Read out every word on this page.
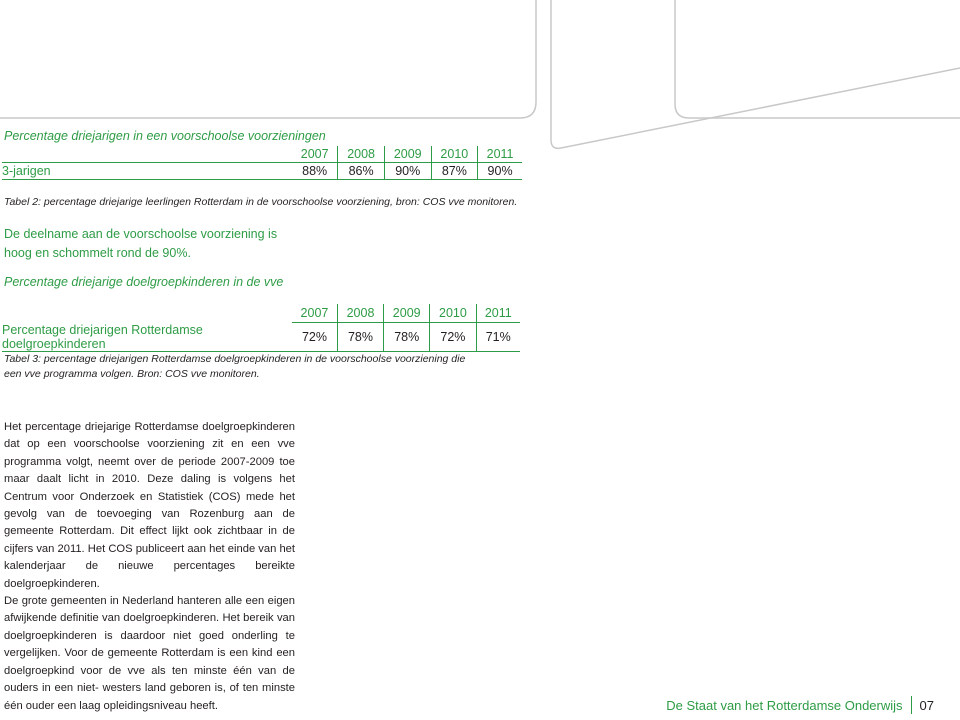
Percentage driejarigen in een voorschoolse voorzieningen
	2007	2008	2009	2010	2011
3-jarigen	88%	86%	90%	87%	90%
Tabel 2: percentage driejarige leerlingen Rotterdam in de voorschoolse voorziening, bron: COS vve monitoren.
De deelname aan de voorschoolse voorziening is hoog en schommelt rond de 90%.
Percentage driejarige doelgroepkinderen in de vve
	2007	2008	2009	2010	2011
Percentage driejarigen Rotterdamse doelgroepkinderen	72%	78%	78%	72%	71%
Tabel 3: percentage driejarigen Rotterdamse doelgroepkinderen in de voorschoolse voorziening die een vve programma volgen. Bron: COS vve monitoren.

Het percentage driejarige Rotterdamse doelgroepkinderen dat op een voorschoolse voorziening zit en een vve programma volgt, neemt over de periode 2007-2009 toe maar daalt licht in 2010. Deze daling is volgens het Centrum voor Onderzoek en Statistiek (COS) mede het gevolg van de toevoeging van Rozenburg aan de gemeente Rotterdam. Dit effect lijkt ook zichtbaar in de cijfers van 2011. Het COS publiceert aan het einde van het kalenderjaar de nieuwe percentages bereikte doelgroepkinderen.

De grote gemeenten in Nederland hanteren alle een eigen afwijkende definitie van doelgroepkinderen. Het bereik van doelgroepkinderen is daardoor niet goed onderling te vergelijken. Voor de gemeente Rotterdam is een kind een doelgroepkind voor de vve als ten minste één van de ouders in een niet- westers land geboren is, of ten minste één ouder een laag opleidingsniveau heeft.	De Staat van het Rotterdamse Onderwijs 07
